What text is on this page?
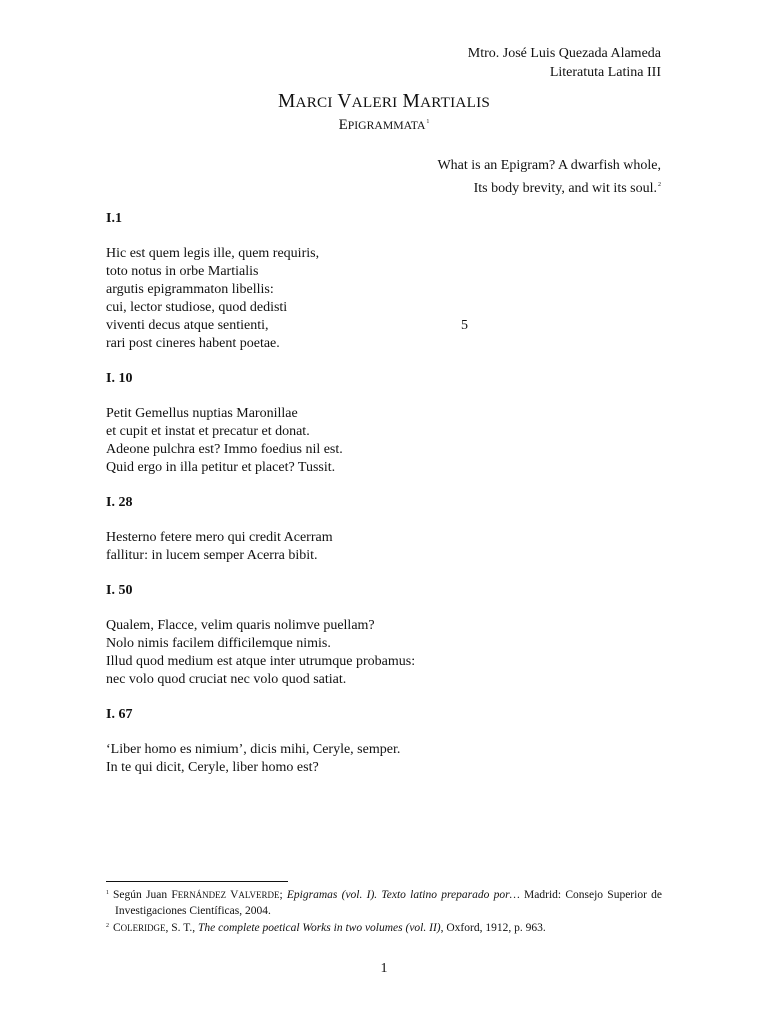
Mtro. José Luis Quezada Alameda
Literatuta Latina III
MARCI VALERI MARTIALIS
EPIGRAMMATA$^1$
What is an Epigram? A dwarfish whole,
Its body brevity, and wit its soul.$^2$

I.1

Hic est quem legis ille, quem requiris,
toto notus in orbe Martialis
argutis epigrammaton libellis:
cui, lector studiose, quod dedisti
viventi decus atque sentienti,	5
rari post cineres habent poetae.

I. 10

Petit Gemellus nuptias Maronillae
et cupit et instat et precatur et donat.
Adeone pulchra est? Immo foedius nil est.
Quid ergo in illa petitur et placet? Tussit.

I. 28

Hesterno fetere mero qui credit Acerram
fallitur: in lucem semper Acerra bibit.

I. 50

Qualem, Flacce, velim quaris nolimve puellam?
Nolo nimis facilem difficilemque nimis.
Illud quod medium est atque inter utrumque probamus:
nec volo quod cruciat nec volo quod satiat.

I. 67

‘Liber homo es nimium’, dicis mihi, Ceryle, semper.
In te qui dicit, Ceryle, liber homo est?
$^1$ Según Juan FERNÁNDEZ VALVERDE; Epigramas (vol. I). Texto latino preparado por… Madrid: Consejo Superior de Investigaciones Científicas, 2004.
$^2$ COLERIDGE, S. T., The complete poetical Works in two volumes (vol. II), Oxford, 1912, p. 963.
1
